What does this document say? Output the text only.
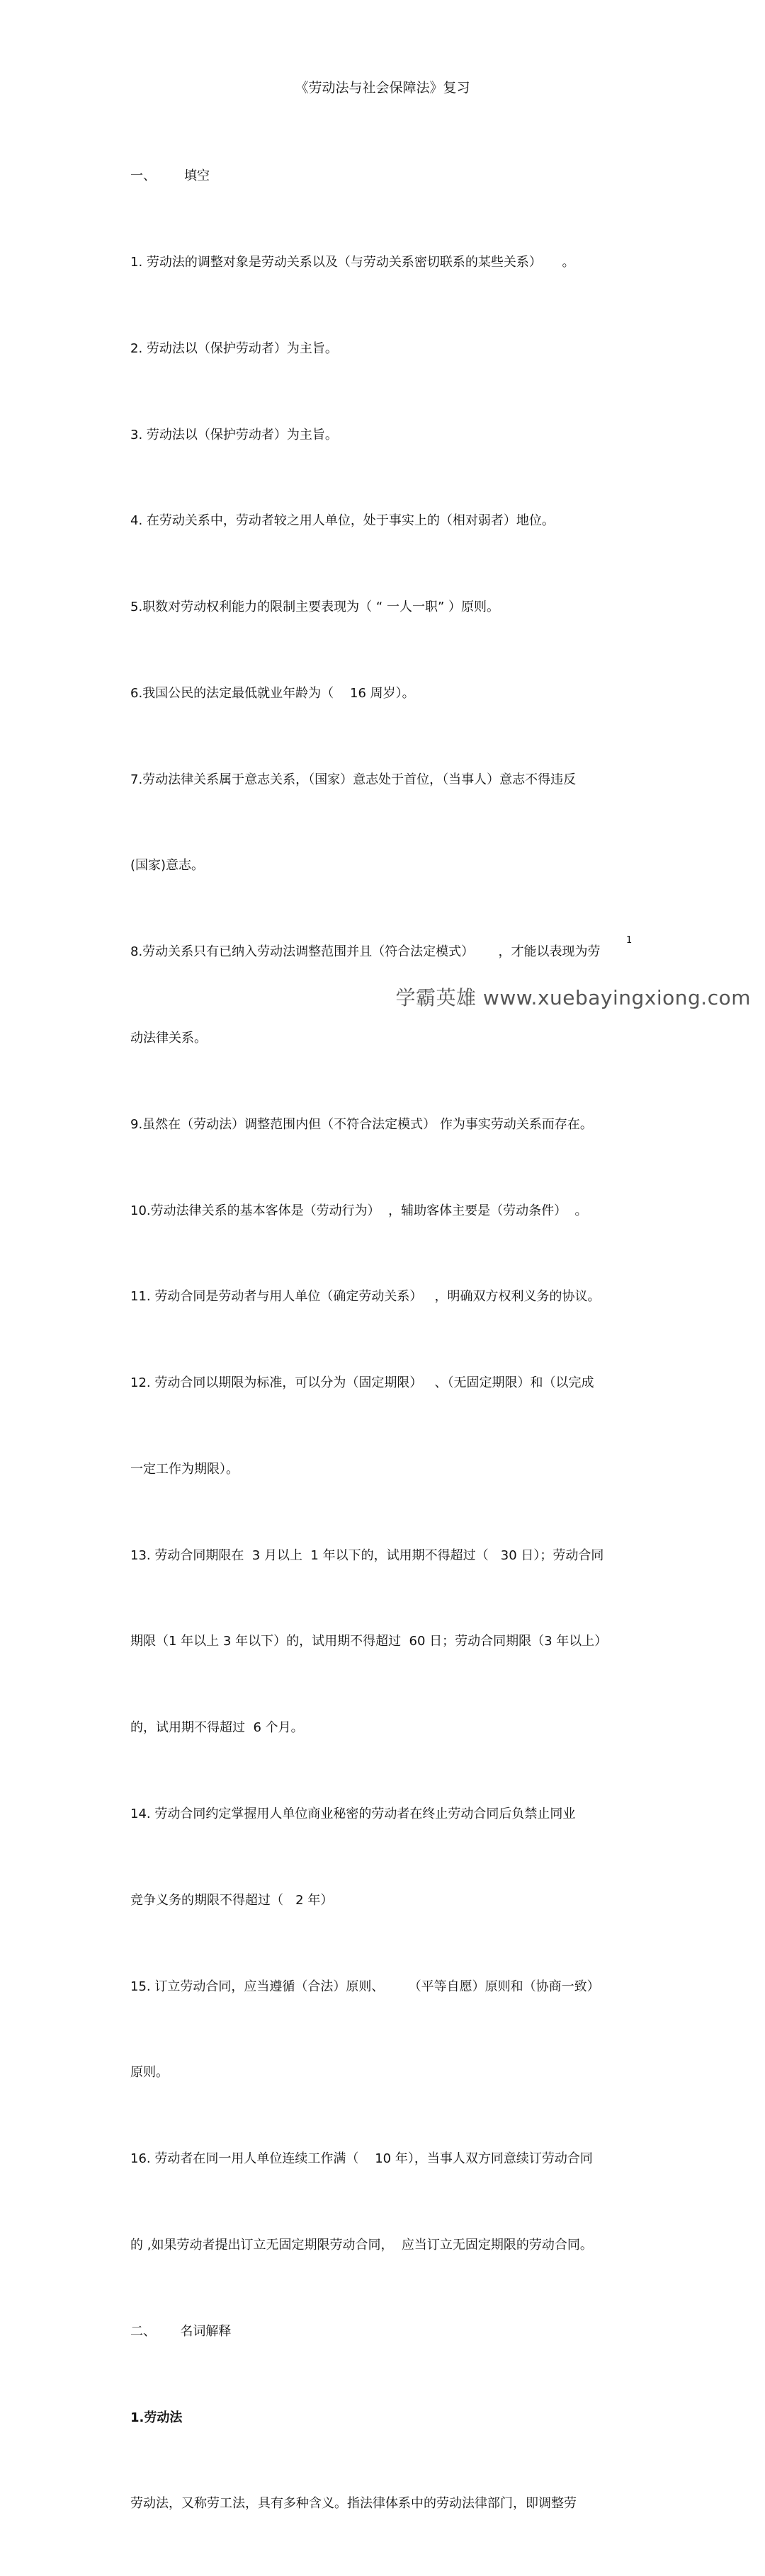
《劳动法与社会保障法》复习

一、       填空

1. 劳动法的调整对象是劳动关系以及（与劳动关系密切联系的某些关系）     。

2. 劳动法以（保护劳动者）为主旨。

3. 劳动法以（保护劳动者）为主旨。

4. 在劳动关系中，劳动者较之用人单位，处于事实上的（相对弱者）地位。

5.职数对劳动权利能力的限制主要表现为（ “ 一人一职” ）原则。

6.我国公民的法定最低就业年龄为（    16 周岁）。

7.劳动法律关系属于意志关系，（国家）意志处于首位，（当事人）意志不得违反

(国家)意志。

8.劳动关系只有已纳入劳动法调整范围并且（符合法定模式）      ，才能以表现为劳

动法律关系。

9.虽然在（劳动法）调整范围内但（不符合法定模式） 作为事实劳动关系而存在。

10.劳动法律关系的基本客体是（劳动行为）  ，辅助客体主要是（劳动条件）  。

11. 劳动合同是劳动者与用人单位（确定劳动关系）   ，明确双方权利义务的协议。

12. 劳动合同以期限为标准，可以分为（固定期限）   、（无固定期限）和（以完成

一定工作为期限）。

13. 劳动合同期限在  3 月以上  1 年以下的，试用期不得超过（   30 日）；劳动合同

期限（1 年以上 3 年以下）的，试用期不得超过  60 日；劳动合同期限（3 年以上）

的，试用期不得超过  6 个月。

14. 劳动合同约定掌握用人单位商业秘密的劳动者在终止劳动合同后负禁止同业

竞争义务的期限不得超过（   2 年）

15. 订立劳动合同，应当遵循（合法）原则、      （平等自愿）原则和（协商一致）

原则。

16. 劳动者在同一用人单位连续工作满（    10 年），当事人双方同意续订劳动合同

的 ,如果劳动者提出订立无固定期限劳动合同，  应当订立无固定期限的劳动合同。

二、      名词解释

1.劳动法

劳动法，又称劳工法，具有多种含义。指法律体系中的劳动法律部门，即调整劳

1
学霸英雄 www.xuebayingxiong.com
